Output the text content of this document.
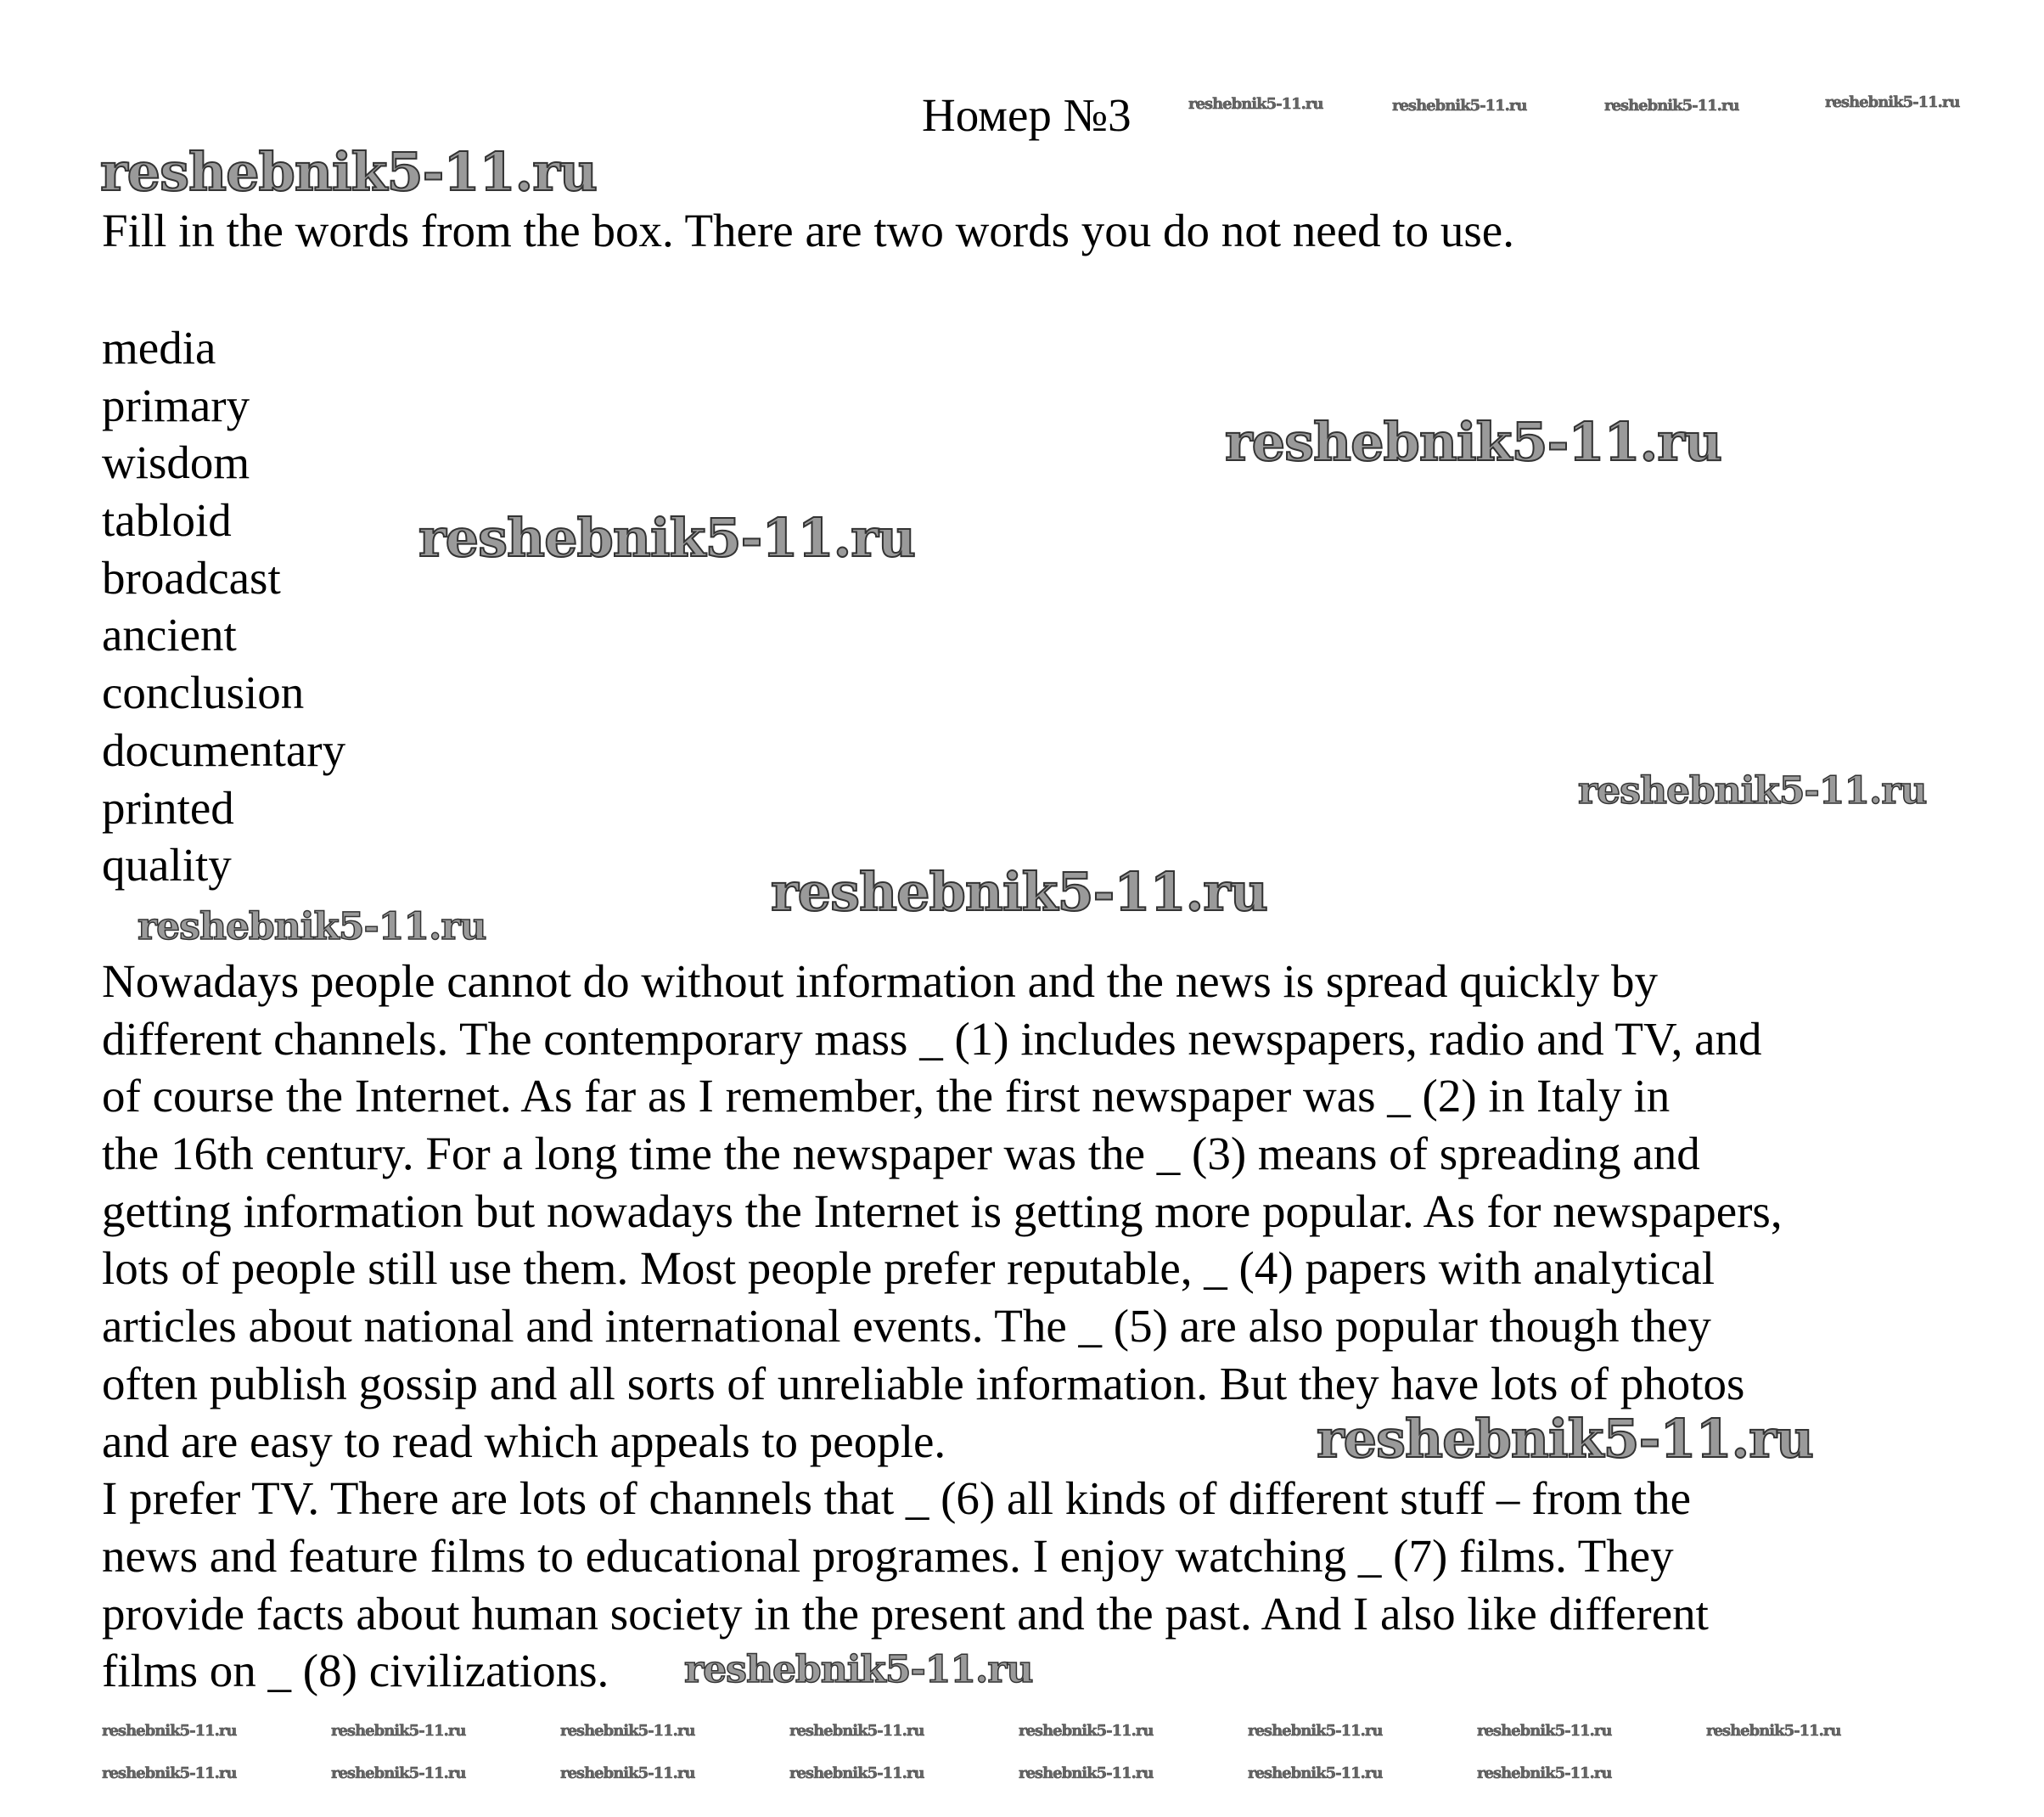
Номер №3
Fill in the words from the box. There are two words you do not need to use.
media
primary
wisdom
tabloid
broadcast
ancient
conclusion
documentary
printed
quality
Nowadays people cannot do without information and the news is spread quickly by
different channels. The contemporary mass _ (1) includes newspapers, radio and TV, and
of course the Internet. As far as I remember, the first newspaper was _ (2) in Italy in
the 16th century. For a long time the newspaper was the _ (3) means of spreading and
getting information but nowadays the Internet is getting more popular. As for newspapers,
lots of people still use them. Most people prefer reputable, _ (4) papers with analytical
articles about national and international events. The _ (5) are also popular though they
often publish gossip and all sorts of unreliable information. But they have lots of photos
and are easy to read which appeals to people.
I prefer TV. There are lots of channels that _ (6) all kinds of different stuff – from the
news and feature films to educational programes. I enjoy watching _ (7) films. They
provide facts about human society in the present and the past. And I also like different
films on _ (8) civilizations.
reshebnik5-11.ru
reshebnik5-11.ru
reshebnik5-11.ru
reshebnik5-11.ru
reshebnik5-11.ru
reshebnik5-11.ru
reshebnik5-11.ru
reshebnik5-11.ru
reshebnik5-11.ru	reshebnik5-11.ru	reshebnik5-11.ru	reshebnik5-11.ru
reshebnik5-11.ru	reshebnik5-11.ru	reshebnik5-11.ru	reshebnik5-11.ru	reshebnik5-11.ru	reshebnik5-11.ru	reshebnik5-11.ru	reshebnik5-11.ru
reshebnik5-11.ru	reshebnik5-11.ru	reshebnik5-11.ru	reshebnik5-11.ru	reshebnik5-11.ru	reshebnik5-11.ru	reshebnik5-11.ru
